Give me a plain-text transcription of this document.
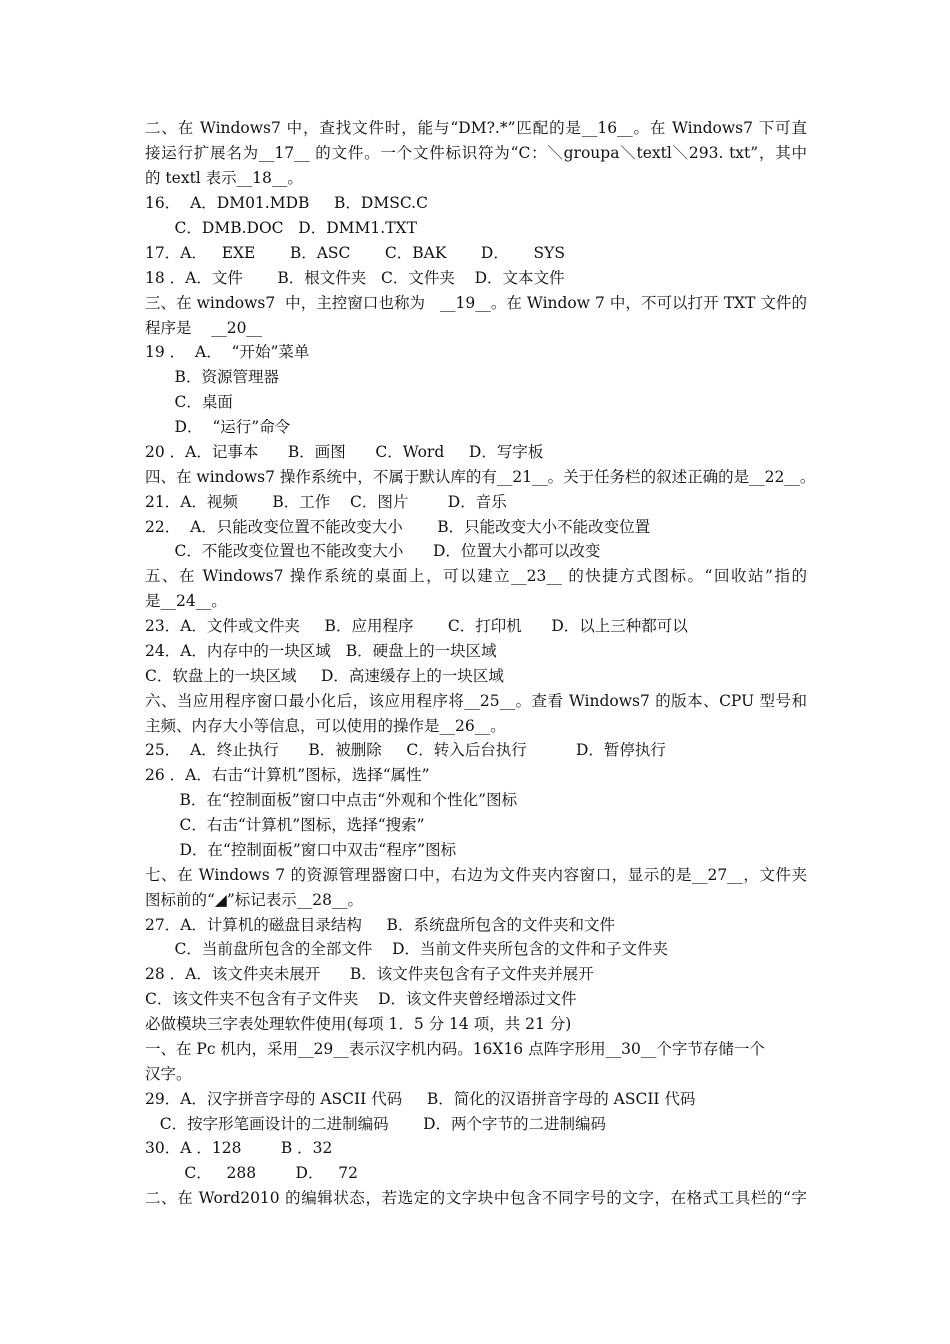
二、在 Windows7 中，查找文件时，能与“DM?.*”匹配的是__16__。在 Windows7 下可直
接运行扩展名为__17__ 的文件。一个文件标识符为“C：＼groupa＼textl＼293. txt”，其中
的 textl 表示__18__。
16．  A．DM01.MDB     B．DMSC.C
C．DMB.DOC   D．DMM1.TXT
17．A．   EXE       B．ASC       C．BAK       D．     SYS
18 ．A．文件       B．根文件夹   C．文件夹    D．文本文件
三、在 windows7  中，主控窗口也称为   __19__。在 Window 7 中，不可以打开 TXT 文件的
程序是    __20__
19 ．  A．  “开始”菜单
B．资源管理器
C．桌面
D．  “运行”命令
20 ．A．记事本      B．画图      C．Word     D．写字板
四、在 windows7 操作系统中，不属于默认库的有__21__。关于任务栏的叙述正确的是__22__。
21．A．视频       B．工作    C．图片        D．音乐
22．  A．只能改变位置不能改变大小       B．只能改变大小不能改变位置
C．不能改变位置也不能改变大小      D．位置大小都可以改变
五、在 Windows7 操作系统的桌面上，可以建立__23__ 的快捷方式图标。“回收站”指的
是__24__。
23．A．文件或文件夹     B．应用程序       C．打印机      D．以上三种都可以
24．A．内存中的一块区域   B．硬盘上的一块区域
C．软盘上的一块区域     D．高速缓存上的一块区域
六、当应用程序窗口最小化后，该应用程序将__25__。查看 Windows7 的版本、CPU 型号和
主频、内存大小等信息，可以使用的操作是__26__。
25．  A．终止执行      B．被删除     C．转入后台执行          D．暂停执行
26 ．A．右击“计算机”图标，选择“属性”
B．在“控制面板”窗口中点击“外观和个性化”图标
C．右击“计算机”图标，选择“搜索”
D．在“控制面板”窗口中双击“程序”图标
七、在 Windows 7 的资源管理器窗口中，右边为文件夹内容窗口，显示的是__27__，文件夹
图标前的“◢”标记表示__28__。
27．A．计算机的磁盘目录结构     B．系统盘所包含的文件夹和文件
C．当前盘所包含的全部文件    D．当前文件夹所包含的文件和子文件夹
28 ．A．该文件夹未展开      B．该文件夹包含有子文件夹并展开
C．该文件夹不包含有子文件夹    D．该文件夹曾经增添过文件
必做模块三字表处理软件使用(每项 1．5 分 14 项，共 21 分)
一、在 Pc 机内，采用__29__表示汉字机内码。16X16 点阵字形用__30__个字节存储一个
汉字。
29．A．汉字拼音字母的 ASCII 代码     B．简化的汉语拼音字母的 ASCII 代码
C．按字形笔画设计的二进制编码       D．两个字节的二进制编码
30．A ．128        B ．32
C．   288        D．   72
二、在 Word2010 的编辑状态，若选定的文字块中包含不同字号的文字，在格式工具栏的“字
